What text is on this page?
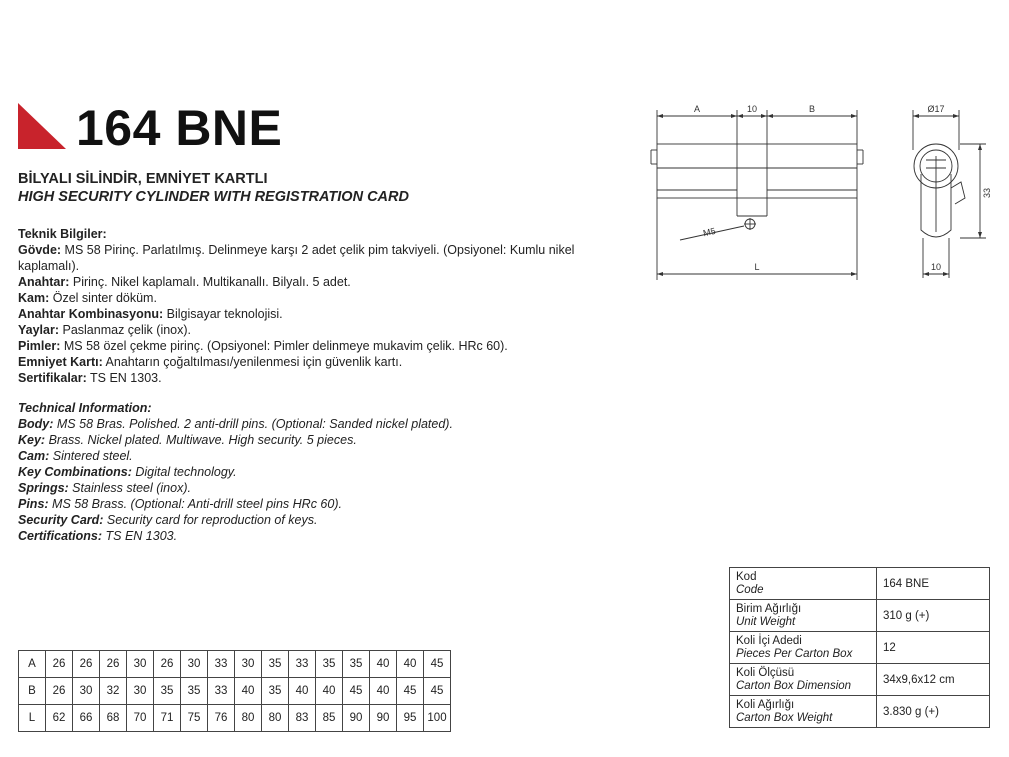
164 BNE
BİLYALI SİLİNDİR, EMNİYET KARTLI
HIGH SECURITY CYLINDER WITH REGISTRATION CARD
Teknik Bilgiler:
Gövde: MS 58 Pirinç. Parlatılmış. Delinmeye karşı 2 adet çelik pim takviyeli. (Opsiyonel: Kumlu nikel kaplamalı).
Anahtar: Pirinç. Nikel kaplamalı. Multikanallı. Bilyalı. 5 adet.
Kam: Özel sinter döküm.
Anahtar Kombinasyonu: Bilgisayar teknolojisi.
Yaylar: Paslanmaz çelik (inox).
Pimler: MS 58 özel çekme pirinç. (Opsiyonel: Pimler delinmeye mukavim çelik. HRc 60).
Emniyet Kartı: Anahtarın çoğaltılması/yenilenmesi için güvenlik kartı.
Sertifikalar: TS EN 1303.
Technical Information:
Body: MS 58 Bras. Polished. 2 anti-drill pins. (Optional: Sanded nickel plated).
Key: Brass. Nickel plated. Multiwave. High security. 5 pieces.
Cam: Sintered steel.
Key Combinations: Digital technology.
Springs: Stainless steel (inox).
Pins: MS 58 Brass. (Optional: Anti-drill steel pins HRc 60).
Security Card: Security card for reproduction of keys.
Certifications: TS EN 1303.
A	10	B
M5
L
Ø17
33
10
A	26	26	26	30	26	30	33	30	35	33	35	35	40	40	45
B	26	30	32	30	35	35	33	40	35	40	40	45	40	45	45
L	62	66	68	70	71	75	76	80	80	83	85	90	90	95	100
Kod
Code	164 BNE

Birim Ağırlığı
Unit Weight	310 g (+)

Koli İçi Adedi
Pieces Per Carton Box	12

Koli Ölçüsü
Carton Box Dimension	34x9,6x12 cm

Koli Ağırlığı
Carton Box Weight	3.830 g (+)
